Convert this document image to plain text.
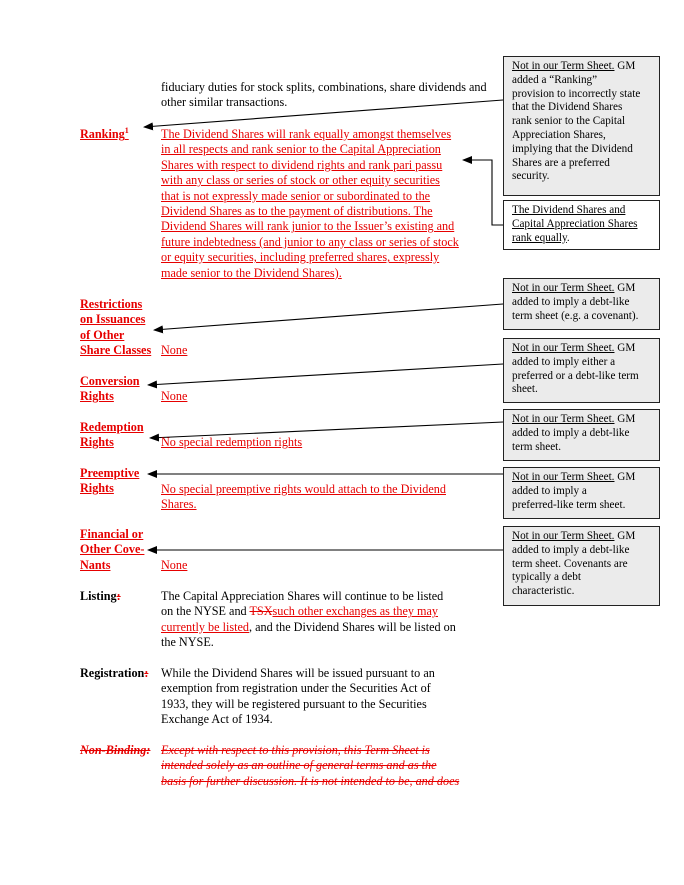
fiduciary duties for stock splits, combinations, share dividends and other similar transactions.
Ranking$^1$	The Dividend Shares will rank equally amongst themselves
in all respects and rank senior to the Capital Appreciation
Shares with respect to dividend rights and rank pari passu
with any class or series of stock or other equity securities
that is not expressly made senior or subordinated to the
Dividend Shares as to the payment of distributions. The
Dividend Shares will rank junior to the Issuer’s existing and
future indebtedness (and junior to any class or series of stock
or equity securities, including preferred shares, expressly
made senior to the Dividend Shares).
Restrictions
on Issuances
of Other
Share Classes None
Conversion
Rights	None
Redemption
Rights	No special redemption rights
Preemptive
Rights	No special preemptive rights would attach to the Dividend
Shares.
Financial or
Other Cove-
Nants	None
Listing:	The Capital Appreciation Shares will continue to be listed
on the NYSE and TSXsuch other exchanges as they may
currently be listed, and the Dividend Shares will be listed on
the NYSE.
Registration: While the Dividend Shares will be issued pursuant to an
exemption from registration under the Securities Act of
1933, they will be registered pursuant to the Securities
Exchange Act of 1934.
Non-Binding: Except with respect to this provision, this Term Sheet is
intended solely as an outline of general terms and as the
basis for further discussion. It is not intended to be, and does
Not in our Term Sheet. GM
added a “Ranking”
provision to incorrectly state
that the Dividend Shares
rank senior to the Capital
Appreciation Shares,
implying that the Dividend
Shares are a preferred
security.
The Dividend Shares and
Capital Appreciation Shares
rank equally.
Not in our Term Sheet. GM
added to imply a debt-like
term sheet (e.g. a covenant).
Not in our Term Sheet. GM
added to imply either a
preferred or a debt-like term
sheet.
Not in our Term Sheet. GM
added to imply a debt-like
term sheet.
Not in our Term Sheet. GM
added to imply a
preferred-like term sheet.
Not in our Term Sheet. GM
added to imply a debt-like
term sheet. Covenants are
typically a debt
characteristic.
